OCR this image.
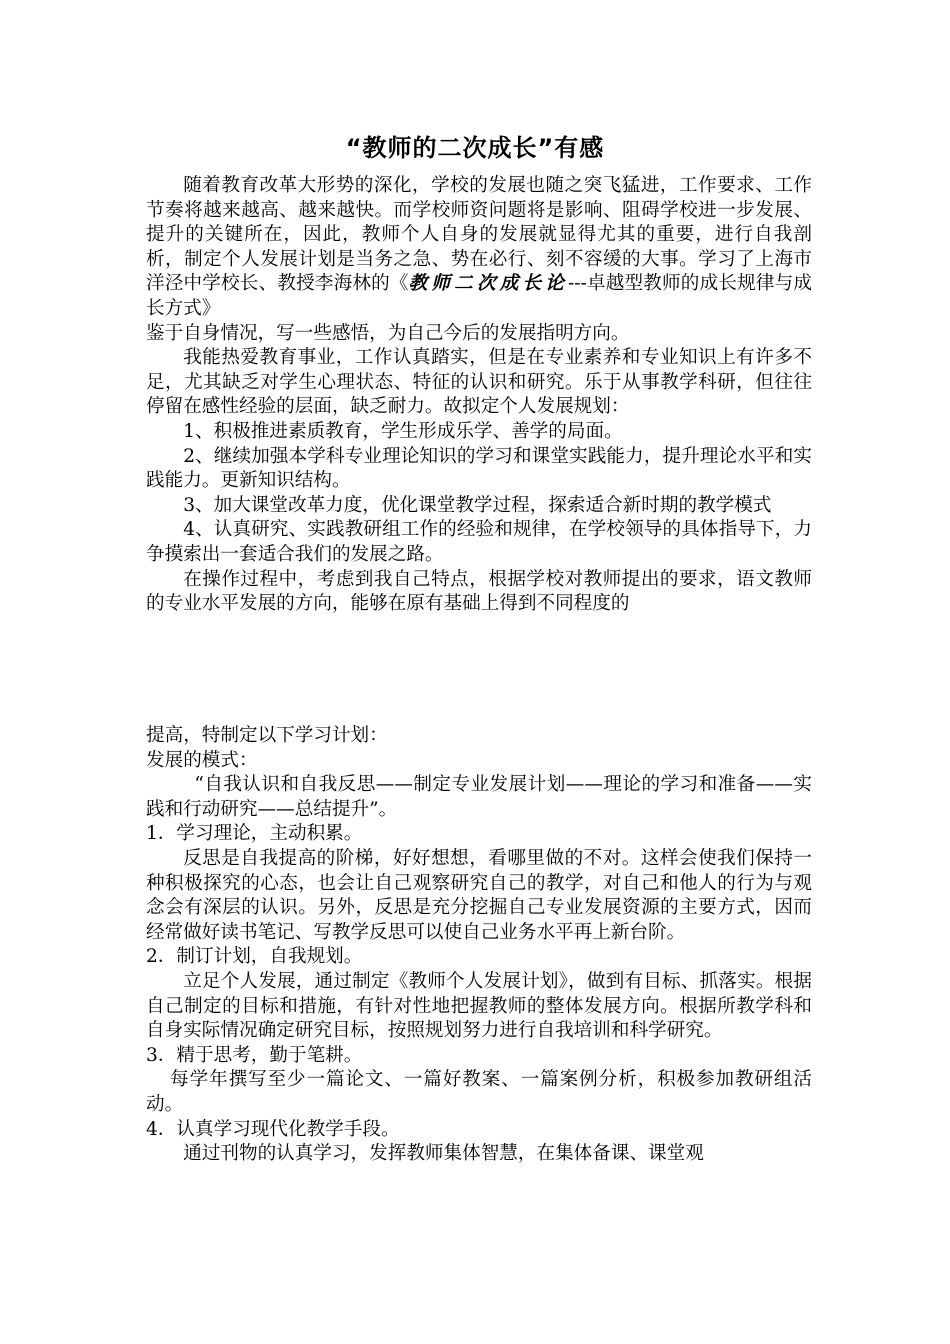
“教师的二次成长”有感

随着教育改革大形势的深化，学校的发展也随之突飞猛进，工作要求、工作节奏将越来越高、越来越快。而学校师资问题将是影响、阻碍学校进一步发展、提升的关键所在，因此，教师个人自身的发展就显得尤其的重要，进行自我剖析，制定个人发展计划是当务之急、势在必行、刻不容缓的大事。学习了上海市洋泾中学校长、教授李海林的《教师二次成长论---卓越型教师的成长规律与成长方式》

鉴于自身情况，写一些感悟，为自己今后的发展指明方向。

我能热爱教育事业，工作认真踏实，但是在专业素养和专业知识上有许多不足，尤其缺乏对学生心理状态、特征的认识和研究。乐于从事教学科研，但往往停留在感性经验的层面，缺乏耐力。故拟定个人发展规划：

1、积极推进素质教育，学生形成乐学、善学的局面。

2、继续加强本学科专业理论知识的学习和课堂实践能力，提升理论水平和实践能力。更新知识结构。

3、加大课堂改革力度，优化课堂教学过程，探索适合新时期的教学模式

4、认真研究、实践教研组工作的经验和规律，在学校领导的具体指导下，力争摸索出一套适合我们的发展之路。

在操作过程中，考虑到我自己特点，根据学校对教师提出的要求，语文教师的专业水平发展的方向，能够在原有基础上得到不同程度的

提高，特制定以下学习计划：

发展的模式：

“自我认识和自我反思——制定专业发展计划——理论的学习和准备——实践和行动研究——总结提升”。

1．学习理论，主动积累。

反思是自我提高的阶梯，好好想想，看哪里做的不对。这样会使我们保持一种积极探究的心态，也会让自己观察研究自己的教学，对自己和他人的行为与观念会有深层的认识。另外，反思是充分挖掘自己专业发展资源的主要方式，因而经常做好读书笔记、写教学反思可以使自己业务水平再上新台阶。

2．制订计划，自我规划。

立足个人发展，通过制定《教师个人发展计划》，做到有目标、抓落实。根据自己制定的目标和措施，有针对性地把握教师的整体发展方向。根据所教学科和自身实际情况确定研究目标，按照规划努力进行自我培训和科学研究。

3．精于思考，勤于笔耕。

每学年撰写至少一篇论文、一篇好教案、一篇案例分析，积极参加教研组活动。

4．认真学习现代化教学手段。

通过刊物的认真学习，发挥教师集体智慧，在集体备课、课堂观
